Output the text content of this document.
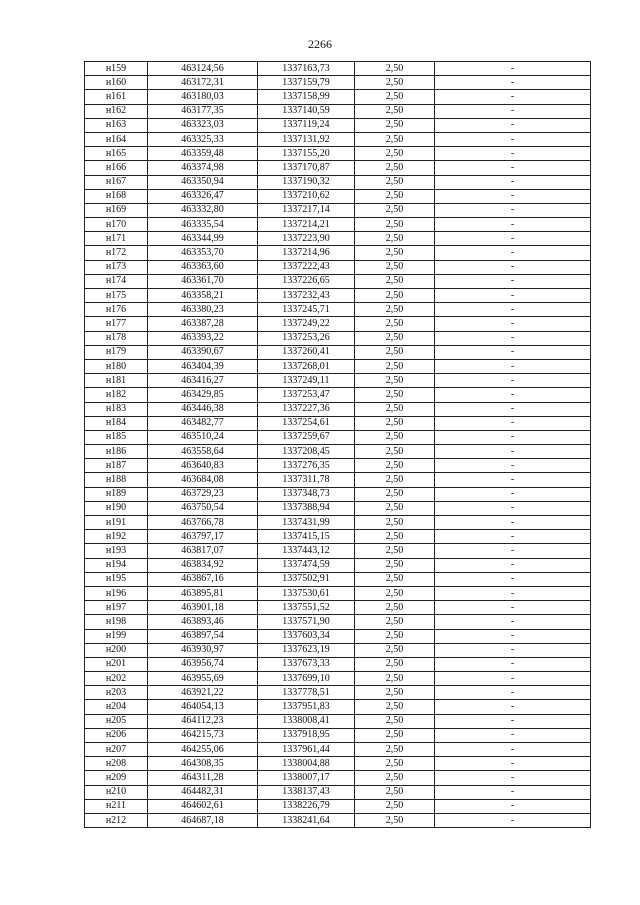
2266
н159	463124,56	1337163,73	2,50	-
н160	463172,31	1337159,79	2,50	-
н161	463180,03	1337158,99	2,50	-
н162	463177,35	1337140,59	2,50	-
н163	463323,03	1337119,24	2,50	-
н164	463325,33	1337131,92	2,50	-
н165	463359,48	1337155,20	2,50	-
н166	463374,98	1337170,87	2,50	-
н167	463350,94	1337190,32	2,50	-
н168	463326,47	1337210,62	2,50	-
н169	463332,80	1337217,14	2,50	-
н170	463335,54	1337214,21	2,50	-
н171	463344,99	1337223,90	2,50	-
н172	463353,70	1337214,96	2,50	-
н173	463363,60	1337222,43	2,50	-
н174	463361,70	1337226,65	2,50	-
н175	463358,21	1337232,43	2,50	-
н176	463380,23	1337245,71	2,50	-
н177	463387,28	1337249,22	2,50	-
н178	463393,22	1337253,26	2,50	-
н179	463390,67	1337260,41	2,50	-
н180	463404,39	1337268,01	2,50	-
н181	463416,27	1337249,11	2,50	-
н182	463429,85	1337253,47	2,50	-
н183	463446,38	1337227,36	2,50	-
н184	463482,77	1337254,61	2,50	-
н185	463510,24	1337259,67	2,50	-
н186	463558,64	1337208,45	2,50	-
н187	463640,83	1337276,35	2,50	-
н188	463684,08	1337311,78	2,50	-
н189	463729,23	1337348,73	2,50	-
н190	463750,54	1337388,94	2,50	-
н191	463766,78	1337431,99	2,50	-
н192	463797,17	1337415,15	2,50	-
н193	463817,07	1337443,12	2,50	-
н194	463834,92	1337474,59	2,50	-
н195	463867,16	1337502,91	2,50	-
н196	463895,81	1337530,61	2,50	-
н197	463901,18	1337551,52	2,50	-
н198	463893,46	1337571,90	2,50	-
н199	463897,54	1337603,34	2,50	-
н200	463930,97	1337623,19	2,50	-
н201	463956,74	1337673,33	2,50	-
н202	463955,69	1337699,10	2,50	-
н203	463921,22	1337778,51	2,50	-
н204	464054,13	1337951,83	2,50	-
н205	464112,23	1338008,41	2,50	-
н206	464215,73	1337918,95	2,50	-
н207	464255,06	1337961,44	2,50	-
н208	464308,35	1338004,88	2,50	-
н209	464311,28	1338007,17	2,50	-
н210	464482,31	1338137,43	2,50	-
н211	464602,61	1338226,79	2,50	-
н212	464687,18	1338241,64	2,50	-
